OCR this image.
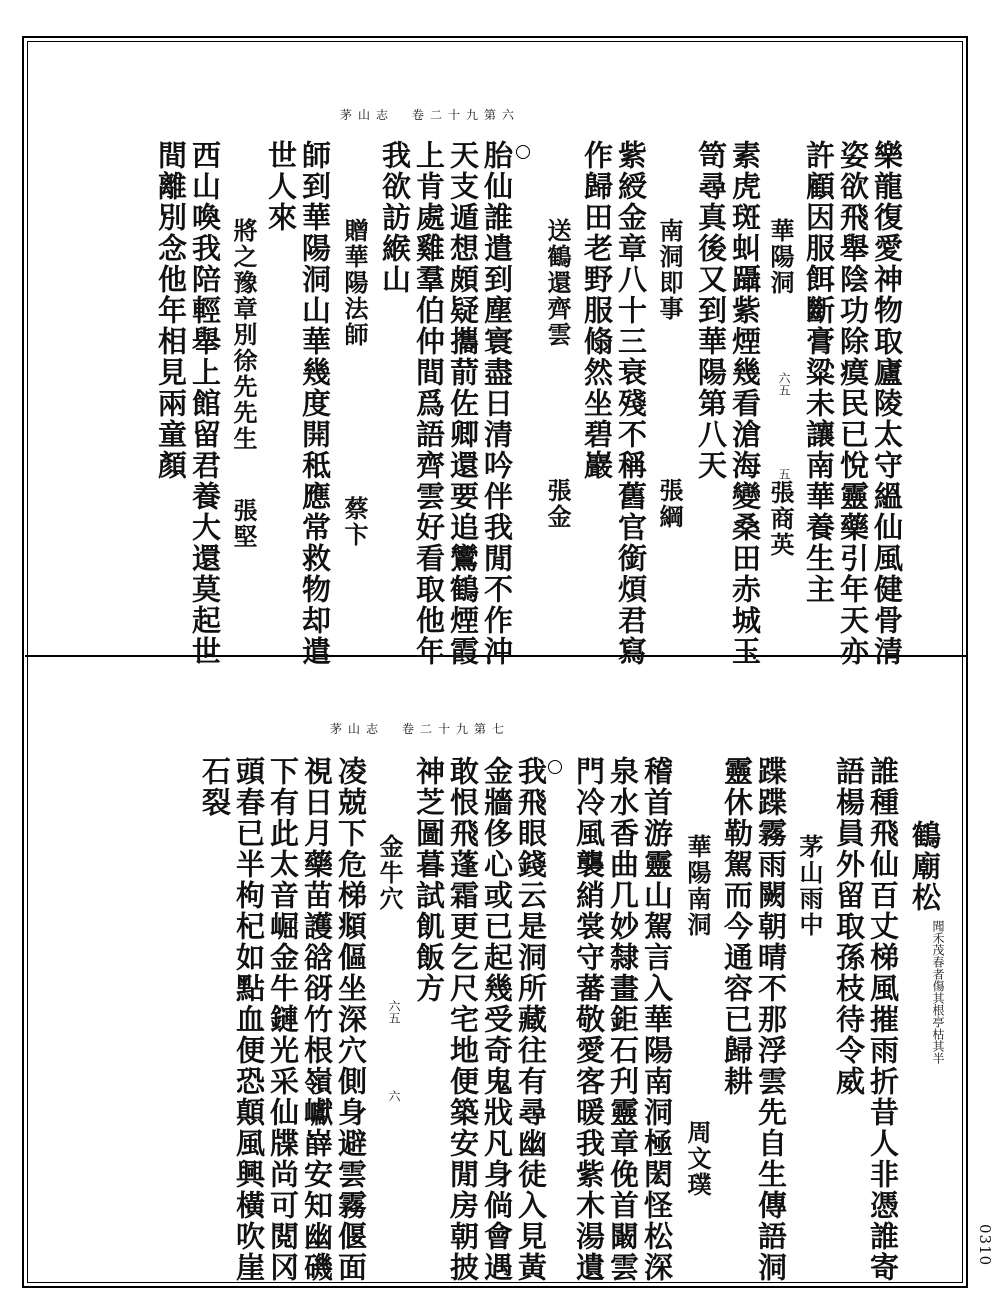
茅山志　卷二十九第六
樂龍復愛神物取廬陵太守縕仙風健骨清
姿欲飛舉陰功除瘼民已悅靈藥引年天亦
許顧因服餌斷膏粱未讓南華養生主
華陽洞
張商英
素虎斑虯躡紫煙幾看滄海變桑田赤城玉
笥尋真後又到華陽第八天
南洞即事
張綱
紫綬金章八十三衰殘不稱舊官銜煩君寫
作歸田老野服翛然坐碧巖
送鶴還齊雲
張金
胎仙誰遣到塵寰盡日清吟伴我閒不作沖
天支遁想頗疑攜葥佐卿還要追鸞鶴煙霞
上肯處雞羣伯仲間爲語齊雲好看取他年
我欲訪緱山
贈華陽法師
蔡卞
師到華陽洞山華幾度開秪應常救物却遣
世人來
將之豫章別徐先先生
張堅
西山喚我陪輕舉上館留君養大還莫起世
間離別念他年相見兩童顏	六五
五
茅山志　卷二十九第七
鶴廟松
聞禾茂春者傷其根亭枯其半
誰種飛仙百丈梯風摧雨折昔人非憑誰寄
語楊員外留取孫枝待令威
茅山雨中
蹀蹀霧雨闕朝晴不那浮雲先自生傳語洞
靈休勒駕而今通容已歸耕
華陽南洞
周文璞
稽首游靈山駕言入華陽南洞極閎怪松深
泉水香曲几妙隸畫鉅石刋靈章俛首闞雲
門冷風襲綃裳守蕃敬愛客暖我紫木湯遺
我飛眼錢云是洞所藏往有尋幽徒入見黃
金牆侈心或已起幾受奇鬼戕凡身倘會遇
敢恨飛蓬霜更乞尺宅地便築安閒房朝披
神芝圖暮試飢飯方
金牛穴
凌兢下危梯頫傴坐深穴側身避雲霧偃面
視日月藥苗護谽谺竹根嶺巘嶭安知幽磯
下有此太音崛金牛鏈光采仙牒尚可閲冈
頭春已半枸杞如點血便恐顛風興橫吹崖
石裂
六五
六
0310
